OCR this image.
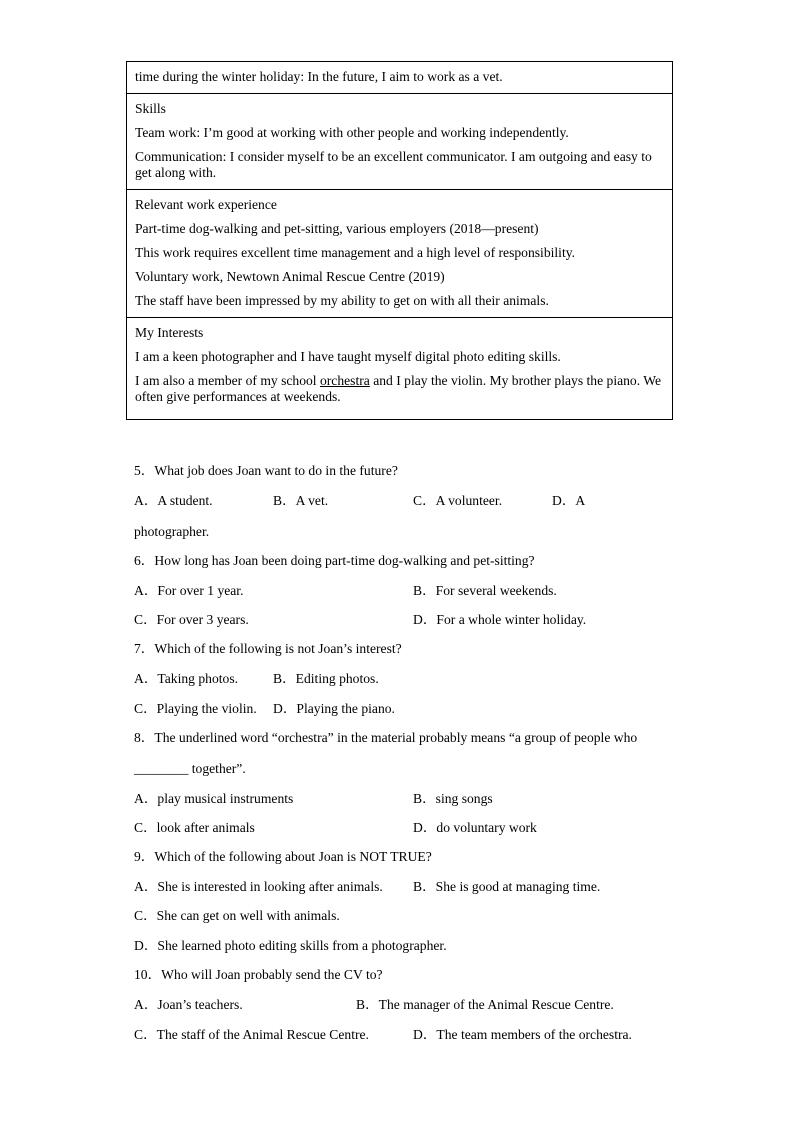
time during the winter holiday: In the future, I aim to work as a vet.

Skills

Team work: I’m good at working with other people and working independently.

Communication: I consider myself to be an excellent communicator. I am outgoing and easy to get along with.

Relevant work experience

Part-time dog-walking and pet-sitting, various employers (2018—present)

This work requires excellent time management and a high level of responsibility.

Voluntary work, Newtown Animal Rescue Centre (2019)

The staff have been impressed by my ability to get on with all their animals.

My Interests

I am a keen photographer and I have taught myself digital photo editing skills.

I am also a member of my school orchestra and I play the violin. My brother plays the piano. We often give performances at weekends.

5．What job does Joan want to do in the future?
A．A student.	B．A vet.	C．A volunteer.	D．A
photographer.
6．How long has Joan been doing part-time dog-walking and pet-sitting?
A．For over 1 year.	B．For several weekends.
C．For over 3 years.	D．For a whole winter holiday.
7．Which of the following is not Joan’s interest?
A．Taking photos.	B．Editing photos.
C．Playing the violin. D．Playing the piano.
8．The underlined word “orchestra” in the material probably means “a group of people who
________ together”.
A．play musical instruments	B．sing songs
C．look after animals	D．do voluntary work
9．Which of the following about Joan is NOT TRUE?
A．She is interested in looking after animals. B．She is good at managing time.
C．She can get on well with animals.
D．She learned photo editing skills from a photographer.
10．Who will Joan probably send the CV to?
A．Joan’s teachers.	B．The manager of the Animal Rescue Centre.
C．The staff of the Animal Rescue Centre.	D．The team members of the orchestra.
